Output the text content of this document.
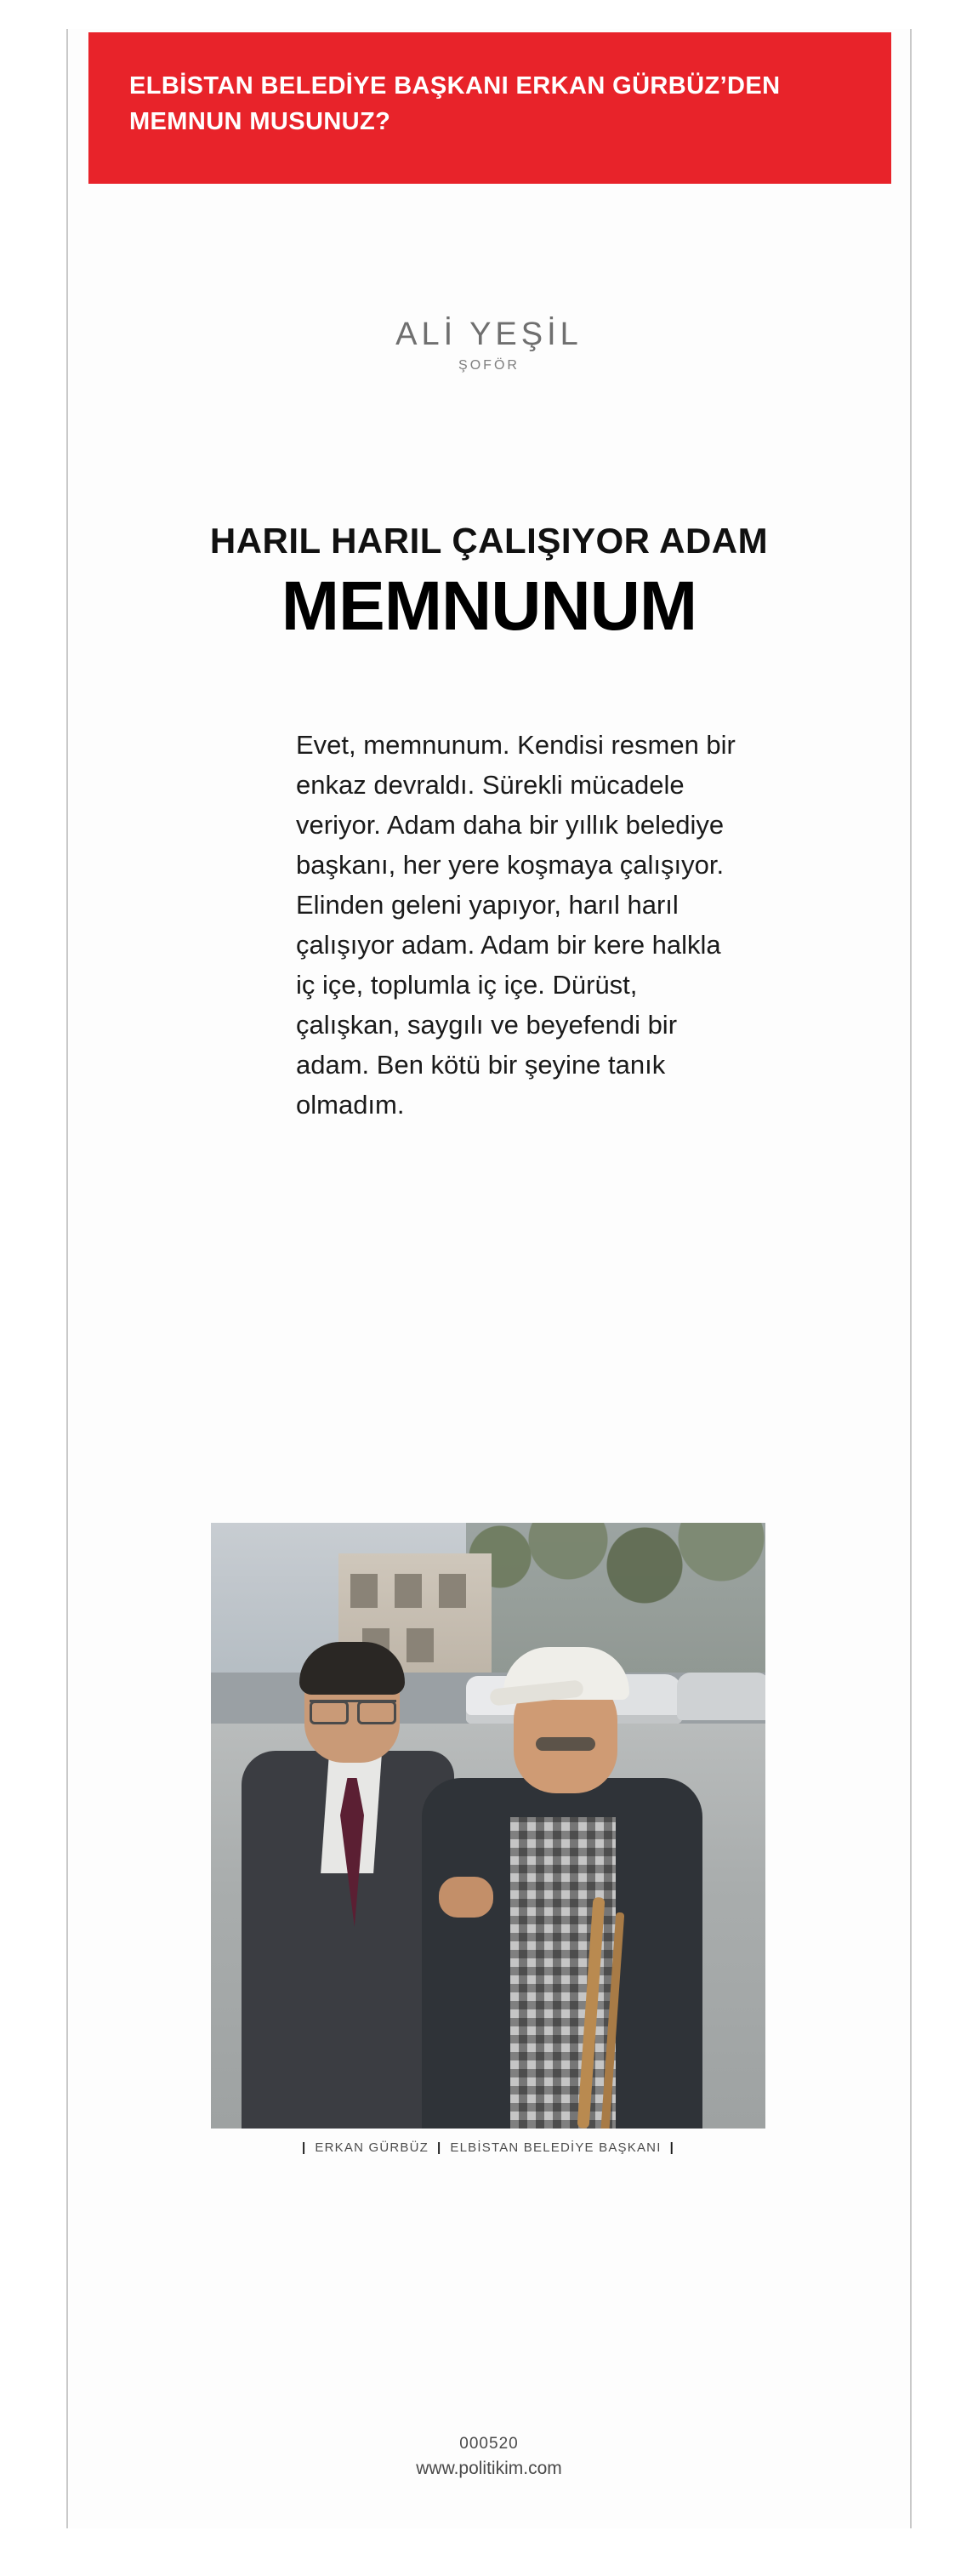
ELBİSTAN BELEDİYE BAŞKANI ERKAN GÜRBÜZ’DEN MEMNUN MUSUNUZ?
ALİ YEŞİL
ŞOFÖR
HARIL HARIL ÇALIŞIYOR ADAM
MEMNUNUM
Evet, memnunum. Kendisi resmen bir enkaz devraldı. Sürekli mücadele veriyor. Adam daha bir yıllık belediye başkanı, her yere koşmaya çalışıyor. Elinden geleni yapıyor, harıl harıl çalışıyor adam. Adam bir kere halkla iç içe, toplumla iç içe. Dürüst, çalışkan, saygılı ve beyefendi bir adam. Ben kötü bir şeyine tanık olmadım.
| ERKAN GÜRBÜZ | ELBİSTAN BELEDİYE BAŞKANI |
000520
www.politikim.com
